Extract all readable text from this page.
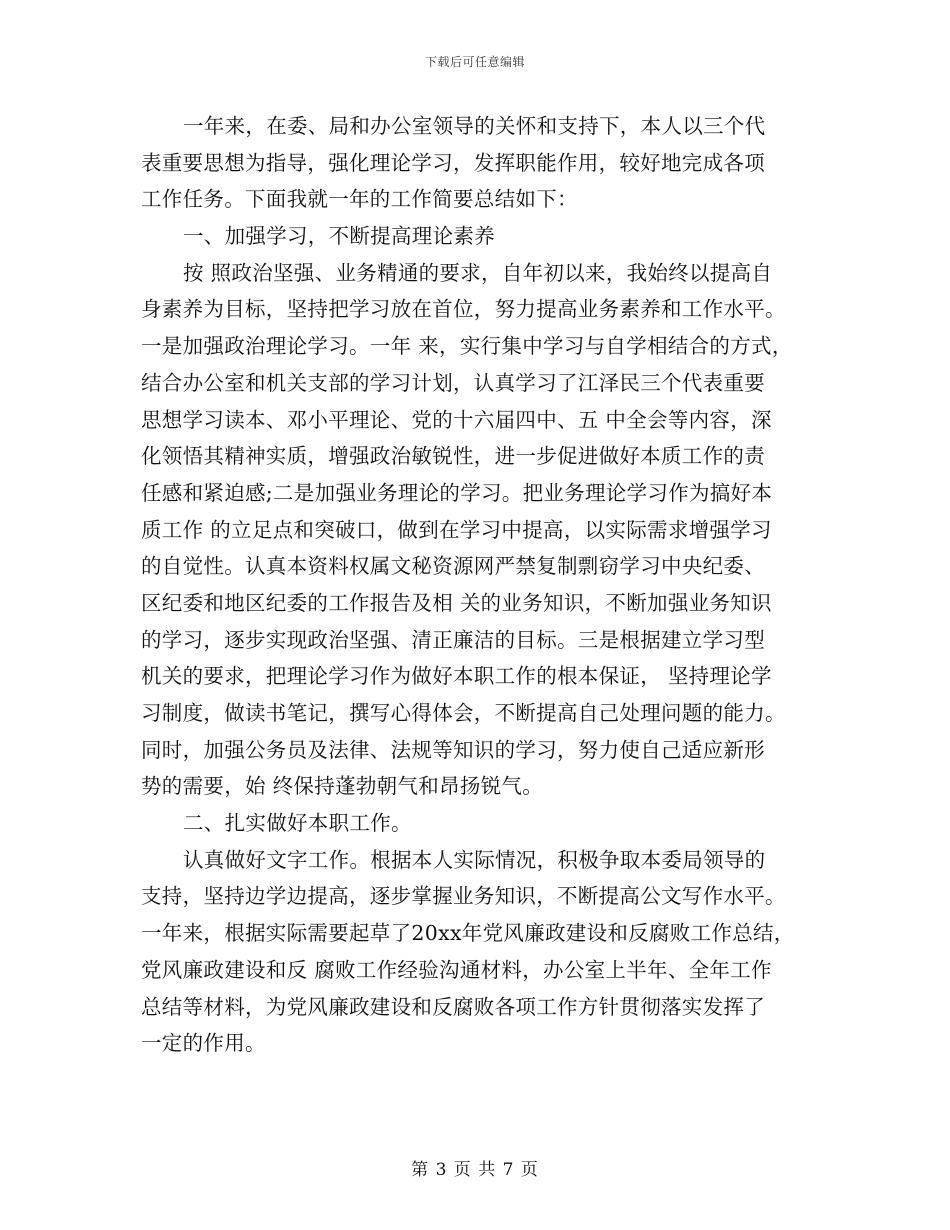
下载后可任意编辑
一年来，在委、局和办公室领导的关怀和支持下，本人以三个代
表重要思想为指导，强化理论学习，发挥职能作用，较好地完成各项
工作任务。下面我就一年的工作简要总结如下：
一、加强学习，不断提高理论素养
按 照政治坚强、业务精通的要求，自年初以来，我始终以提高自
身素养为目标，坚持把学习放在首位，努力提高业务素养和工作水平。
一是加强政治理论学习。一年 来，实行集中学习与自学相结合的方式，
结合办公室和机关支部的学习计划，认真学习了江泽民三个代表重要
思想学习读本、邓小平理论、党的十六届四中、五 中全会等内容，深
化领悟其精神实质，增强政治敏锐性，进一步促进做好本质工作的责
任感和紧迫感;二是加强业务理论的学习。把业务理论学习作为搞好本
质工作 的立足点和突破口，做到在学习中提高，以实际需求增强学习
的自觉性。认真本资料权属文秘资源网严禁复制剽窃学习中央纪委、
区纪委和地区纪委的工作报告及相 关的业务知识，不断加强业务知识
的学习，逐步实现政治坚强、清正廉洁的目标。三是根据建立学习型
机关的要求，把理论学习作为做好本职工作的根本保证， 坚持理论学
习制度，做读书笔记，撰写心得体会，不断提高自己处理问题的能力。
同时，加强公务员及法律、法规等知识的学习，努力使自己适应新形
势的需要，始 终保持蓬勃朝气和昂扬锐气。
二、扎实做好本职工作。
认真做好文字工作。根据本人实际情况，积极争取本委局领导的
支持，坚持边学边提高，逐步掌握业务知识，不断提高公文写作水平。
一年来，根据实际需要起草了20xx年党风廉政建设和反腐败工作总结，
党风廉政建设和反 腐败工作经验沟通材料，办公室上半年、全年工作
总结等材料，为党风廉政建设和反腐败各项工作方针贯彻落实发挥了
一定的作用。
第 3 页 共 7 页
